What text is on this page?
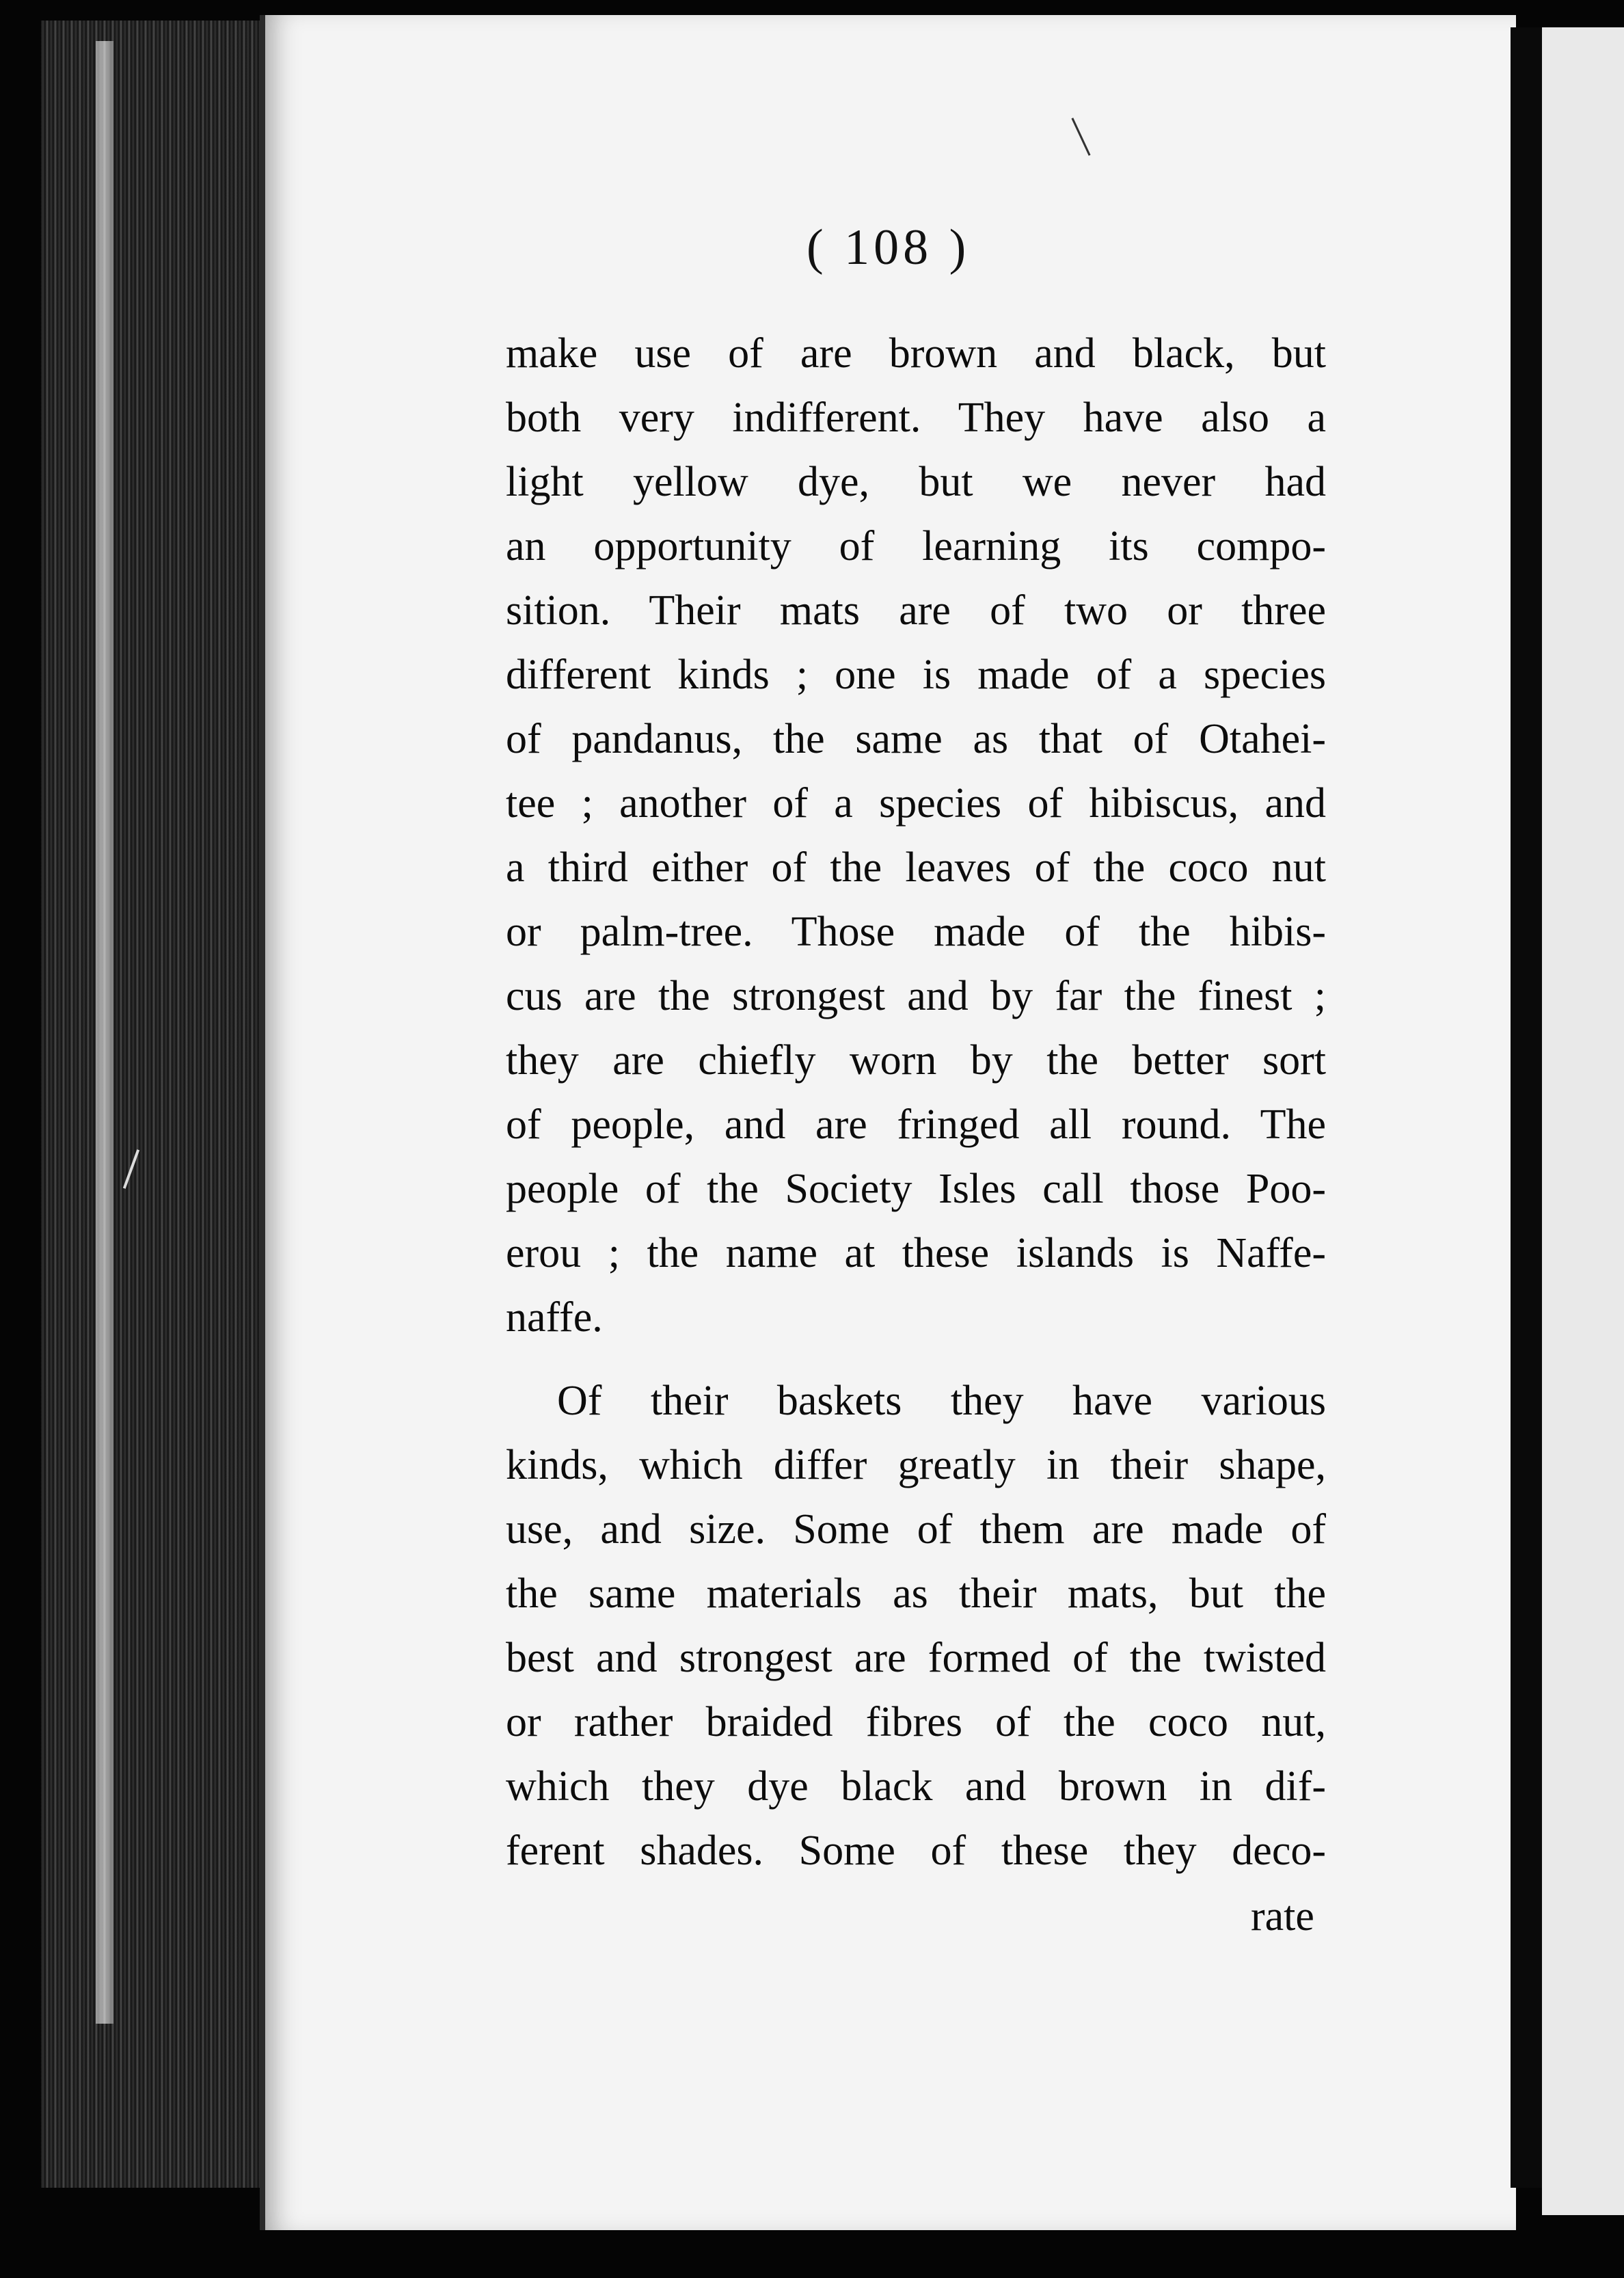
( 108 )
make use of are brown and black, but
both very indifferent. They have also a
light yellow dye, but we never had
an opportunity of learning its compo-
sition. Their mats are of two or three
different kinds ; one is made of a species
of pandanus, the same as that of Otahei-
tee ; another of a species of hibiscus, and
a third either of the leaves of the coco nut
or palm-tree. Those made of the hibis-
cus are the strongest and by far the finest ;
they are chiefly worn by the better sort
of people, and are fringed all round. The
people of the Society Isles call those Poo-
erou ; the name at these islands is Naffe-
naffe.
Of their baskets they have various
kinds, which differ greatly in their shape,
use, and size. Some of them are made of
the same materials as their mats, but the
best and strongest are formed of the twisted
or rather braided fibres of the coco nut,
which they dye black and brown in dif-
ferent shades. Some of these they deco-
rate
